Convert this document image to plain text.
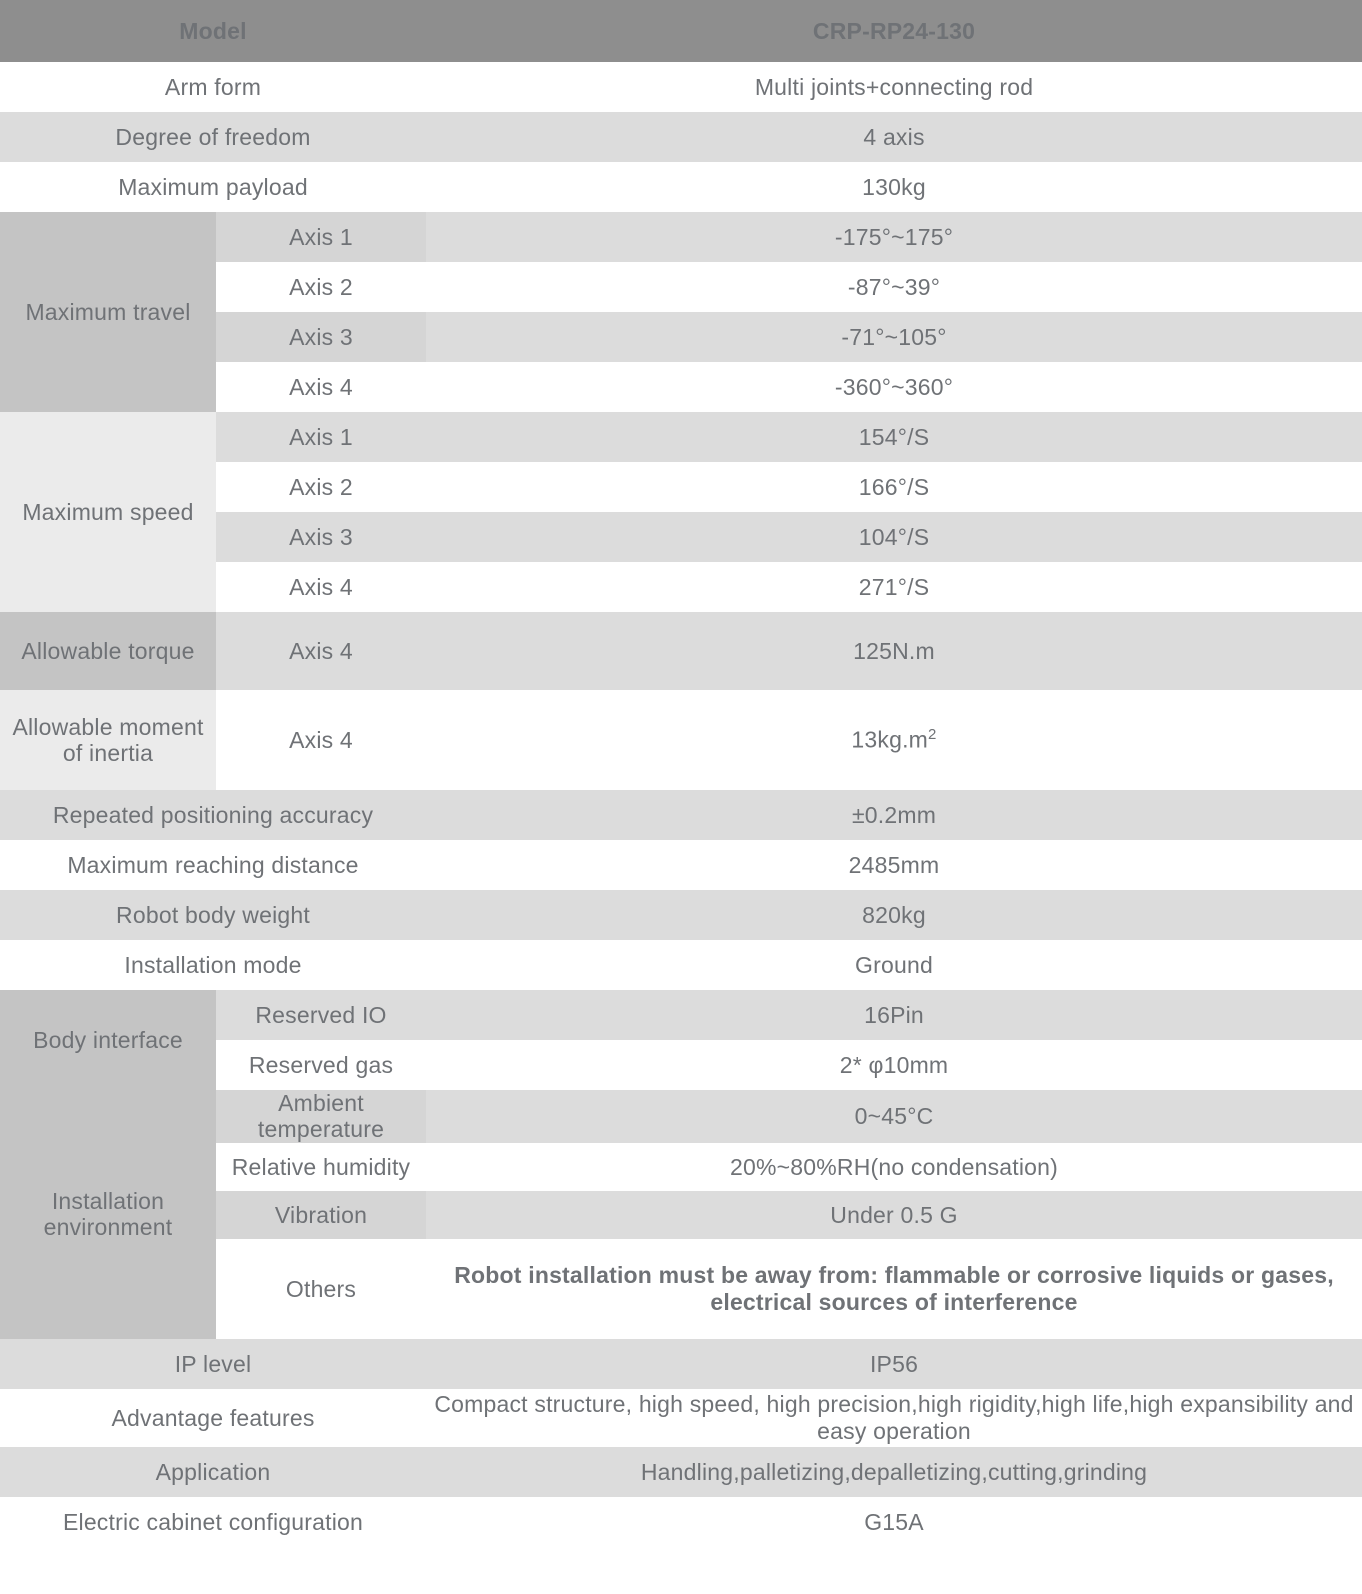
Model		CRP-RP24-130
Arm form		Multi joints+connecting rod
Degree of freedom		4 axis
Maximum payload		130kg
Maximum travel	Axis 1	-175°~175°
	Axis 2	-87°~39°
	Axis 3	-71°~105°
	Axis 4	-360°~360°
Maximum speed	Axis 1	154°/S
	Axis 2	166°/S
	Axis 3	104°/S
	Axis 4	271°/S
Allowable torque	Axis 4	125N.m
Allowable moment of inertia	Axis 4	$13kg.m^2$
Repeated positioning accuracy		±0.2mm
Maximum reaching distance		2485mm
Robot body weight		820kg
Installation mode		Ground
Body interface	Reserved IO	16Pin
	Reserved gas	2* φ10mm
Installation environment	Ambient temperature	0~45°C
	Relative humidity	20%~80%RH(no condensation)
	Vibration	Under 0.5 G
	Others	Robot installation must be away from: flammable or corrosive liquids or gases, electrical sources of interference
IP level		IP56
Advantage features		Compact structure, high speed, high precision,high rigidity,high life,high expansibility and easy operation
Application		Handling,palletizing,depalletizing,cutting,grinding
Electric cabinet configuration		G15A
